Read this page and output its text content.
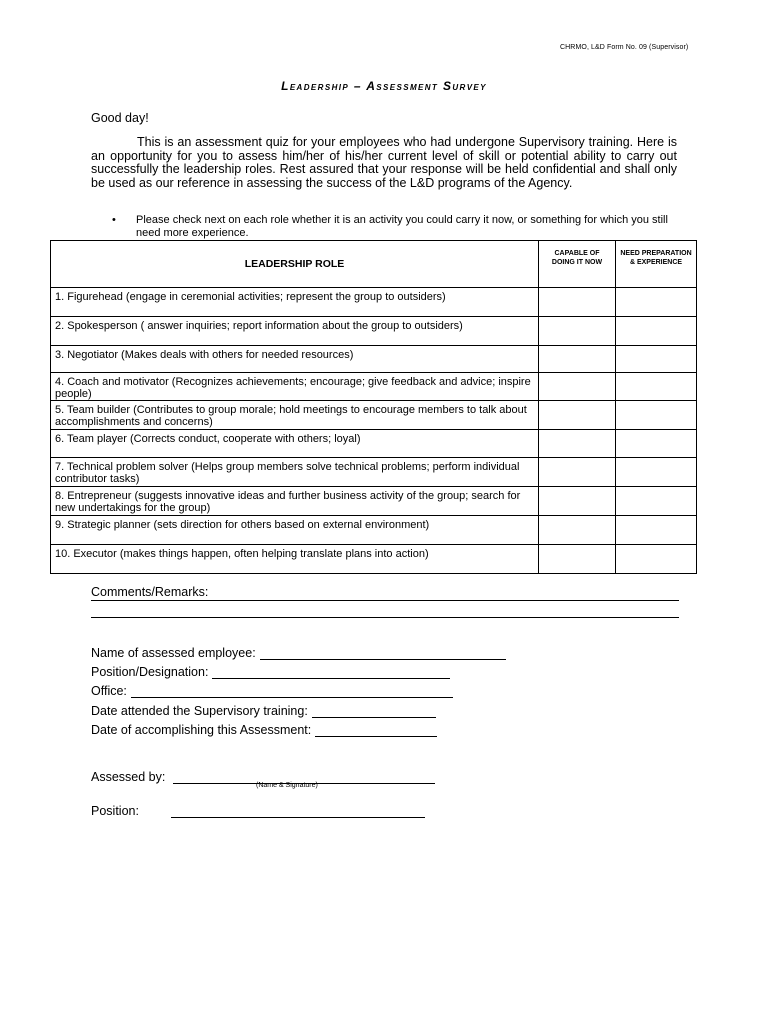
CHRMO, L&D Form No. 09 (Supervisor)
Leadership – Assessment Survey
Good day!
This is an assessment quiz for your employees who had undergone Supervisory training. Here is an opportunity for you to assess him/her of his/her current level of skill or potential ability to carry out successfully the leadership roles. Rest assured that your response will be held confidential and shall only be used as our reference in assessing the success of the L&D programs of the Agency.
• Please check next on each role whether it is an activity you could carry it now, or something for which you still need more experience.
LEADERSHIP ROLE	CAPABLE OF DOING IT NOW	NEED PREPARATION & EXPERIENCE
1. Figurehead (engage in ceremonial activities; represent the group to outsiders)		
2. Spokesperson ( answer inquiries; report information about the group to outsiders)		
3. Negotiator (Makes deals with others for needed resources)		
4. Coach and motivator (Recognizes achievements; encourage; give feedback and advice; inspire people)		
5. Team builder (Contributes to group morale; hold meetings to encourage members to talk about accomplishments and concerns)		
6. Team player (Corrects conduct, cooperate with others; loyal)		
7. Technical problem solver (Helps group members solve technical problems; perform individual contributor tasks)		
8. Entrepreneur (suggests innovative ideas and further business activity of the group; search for new undertakings for the group)		
9. Strategic planner (sets direction for others based on external environment)		
10. Executor (makes things happen, often helping translate plans into action)		
Comments/Remarks:
Name of assessed employee:
Position/Designation:
Office:
Date attended the Supervisory training:
Date of accomplishing this Assessment:
Assessed by:
(Name & Signature)
Position:
